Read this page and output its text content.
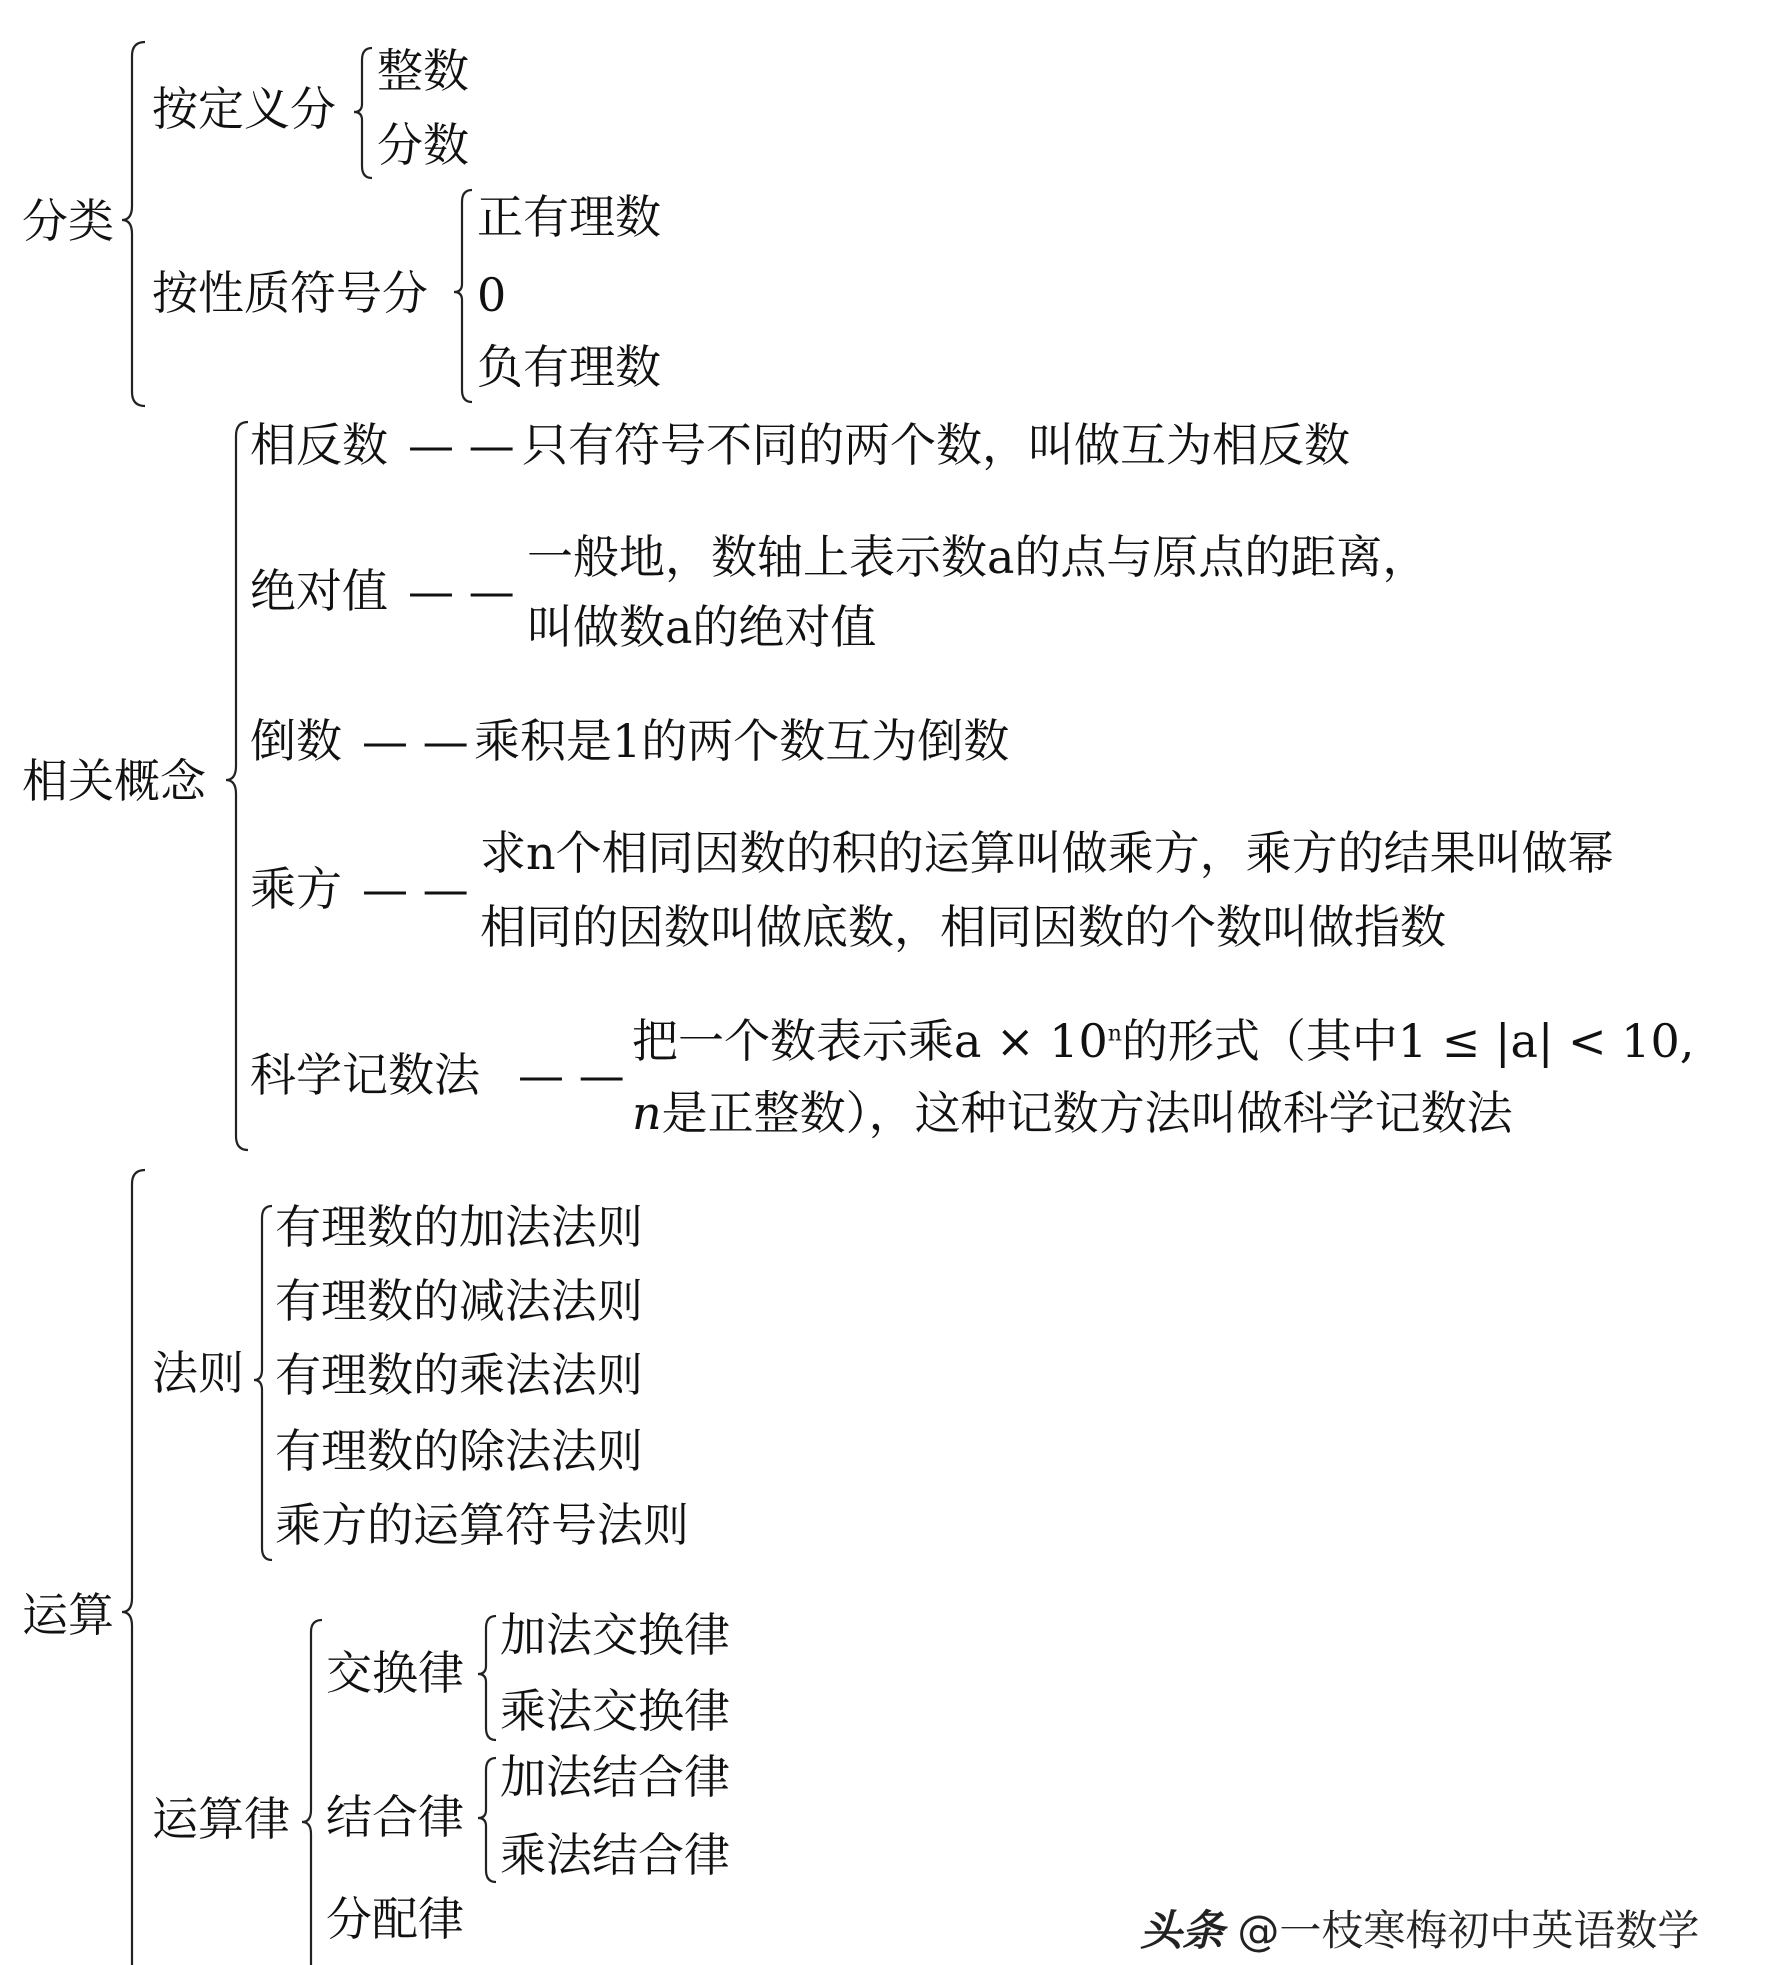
分类
按定义分
整数
分数
按性质符号分
正有理数
0
负有理数
相关概念
相反数 — — 只有符号不同的两个数，叫做互为相反数
绝对值 — —
一般地，数轴上表示数a的点与原点的距离，
叫做数a的绝对值
倒数 — — 乘积是1的两个数互为倒数
乘方 — —
求n个相同因数的积的运算叫做乘方，乘方的结果叫做幂
相同的因数叫做底数，相同因数的个数叫做指数
科学记数法 — —
把一个数表示乘$a \times 10^n$的形式（其中1 ≤ |a| < 10,
n是正整数），这种记数方法叫做科学记数法
运算
法则
有理数的加法法则
有理数的减法法则
有理数的乘法法则
有理数的除法法则
乘方的运算符号法则
运算律
交换律
加法交换律
乘法交换律
结合律
加法结合律
乘法结合律
分配律	头条 @一枝寒梅初中英语数学
